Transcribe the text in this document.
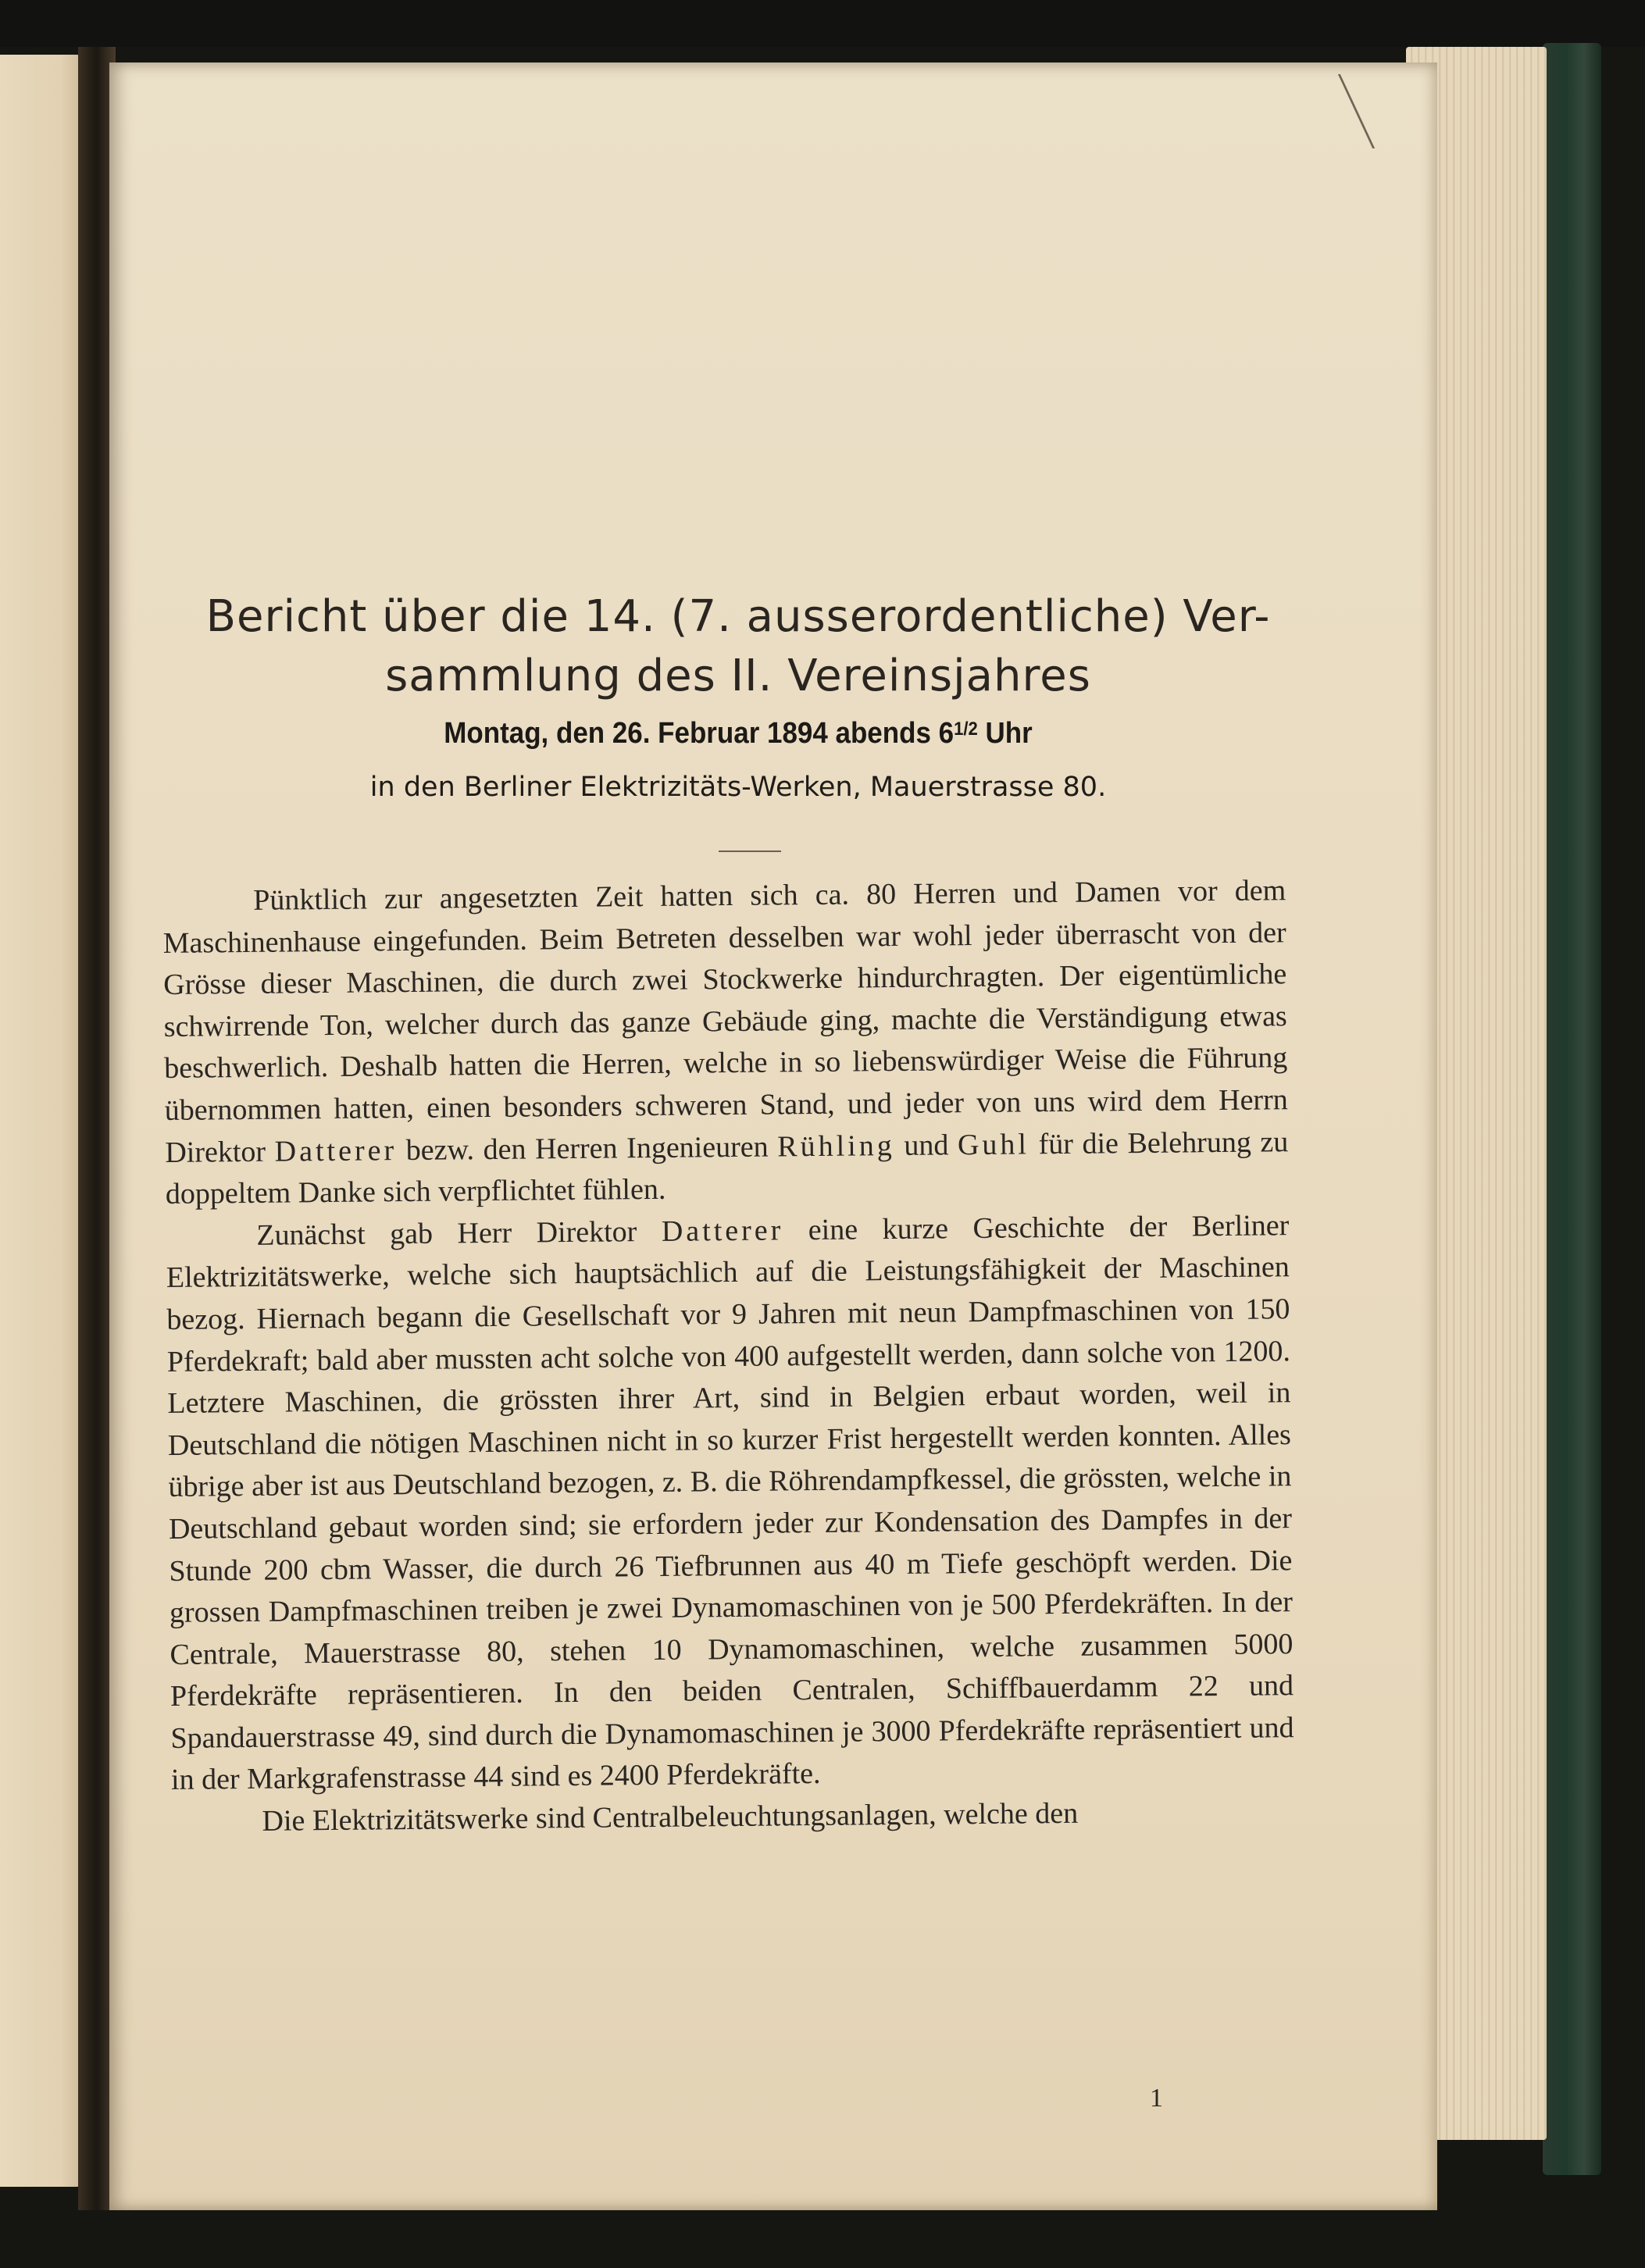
Bericht über die 14. (7. ausserordentliche) Ver-
sammlung des II. Vereinsjahres
Montag, den 26. Februar 1894 abends $6^{1/2}$ Uhr
in den Berliner Elektrizitäts-Werken, Mauerstrasse 80.

Pünktlich zur angesetzten Zeit hatten sich ca. 80 Herren und Damen vor dem Maschinenhause eingefunden. Beim Betreten desselben war wohl jeder überrascht von der Grösse dieser Maschinen, die durch zwei Stockwerke hindurchragten. Der eigentümliche schwirrende Ton, welcher durch das ganze Gebäude ging, machte die Verständigung etwas beschwerlich. Deshalb hatten die Herren, welche in so liebenswürdiger Weise die Führung übernommen hatten, einen besonders schweren Stand, und jeder von uns wird dem Herrn Direktor Datterer bezw. den Herren Ingenieuren Rühling und Guhl für die Belehrung zu doppeltem Danke sich verpflichtet fühlen.

Zunächst gab Herr Direktor Datterer eine kurze Geschichte der Berliner Elektrizitätswerke, welche sich hauptsächlich auf die Leistungsfähigkeit der Maschinen bezog. Hiernach begann die Gesellschaft vor 9 Jahren mit neun Dampfmaschinen von 150 Pferdekraft; bald aber mussten acht solche von 400 aufgestellt werden, dann solche von 1200. Letztere Maschinen, die grössten ihrer Art, sind in Belgien erbaut worden, weil in Deutschland die nötigen Maschinen nicht in so kurzer Frist hergestellt werden konnten. Alles übrige aber ist aus Deutschland bezogen, z. B. die Röhrendampfkessel, die grössten, welche in Deutschland gebaut worden sind; sie erfordern jeder zur Kondensation des Dampfes in der Stunde 200 cbm Wasser, die durch 26 Tiefbrunnen aus 40 m Tiefe geschöpft werden. Die grossen Dampfmaschinen treiben je zwei Dynamomaschinen von je 500 Pferdekräften. In der Centrale, Mauerstrasse 80, stehen 10 Dynamomaschinen, welche zusammen 5000 Pferdekräfte repräsentieren. In den beiden Centralen, Schiffbauerdamm 22 und Spandauerstrasse 49, sind durch die Dynamomaschinen je 3000 Pferdekräfte repräsentiert und in der Markgrafenstrasse 44 sind es 2400 Pferdekräfte.

Die Elektrizitätswerke sind Centralbeleuchtungsanlagen, welche den

1
